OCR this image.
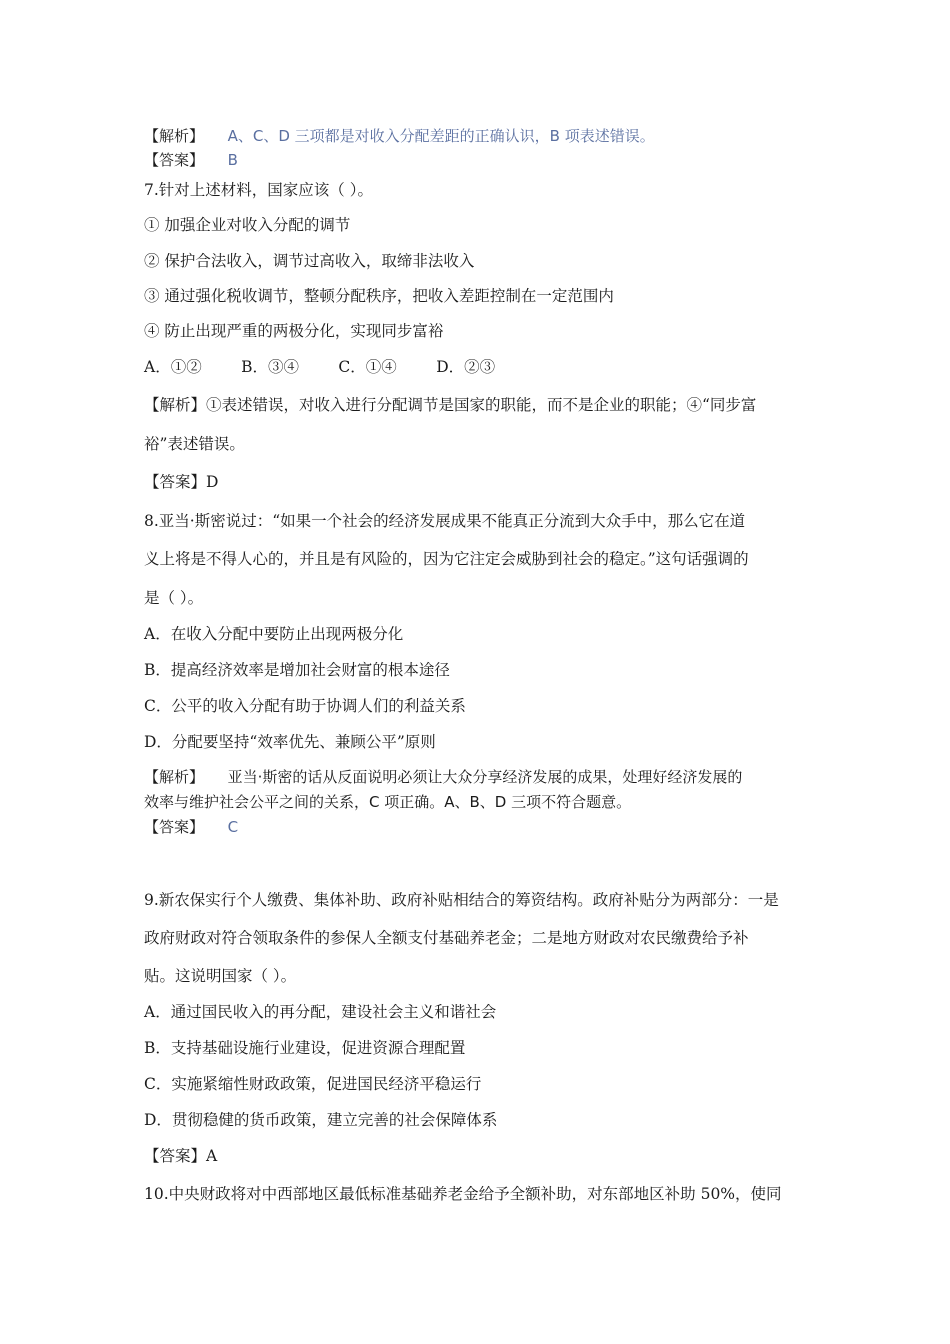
【解析】 A、C、D 三项都是对收入分配差距的正确认识，B 项表述错误。
【答案】 B
7.针对上述材料，国家应该（ ）。
① 加强企业对收入分配的调节
② 保护合法收入，调节过高收入，取缔非法收入
③ 通过强化税收调节，整顿分配秩序，把收入差距控制在一定范围内
④ 防止出现严重的两极分化，实现同步富裕
A．①②        B．③④        C．①④        D．②③
【解析】①表述错误，对收入进行分配调节是国家的职能，而不是企业的职能；④“同步富
裕”表述错误。
【答案】D
8.亚当·斯密说过：“如果一个社会的经济发展成果不能真正分流到大众手中，那么它在道
义上将是不得人心的，并且是有风险的，因为它注定会威胁到社会的稳定。”这句话强调的
是（ ）。
A．在收入分配中要防止出现两极分化
B．提高经济效率是增加社会财富的根本途径
C．公平的收入分配有助于协调人们的利益关系
D．分配要坚持“效率优先、兼顾公平”原则
【解析】 亚当·斯密的话从反面说明必须让大众分享经济发展的成果，处理好经济发展的
效率与维护社会公平之间的关系，C 项正确。A、B、D 三项不符合题意。
【答案】 C
9.新农保实行个人缴费、集体补助、政府补贴相结合的筹资结构。政府补贴分为两部分：一是
政府财政对符合领取条件的参保人全额支付基础养老金；二是地方财政对农民缴费给予补
贴。这说明国家（ ）。
A．通过国民收入的再分配，建设社会主义和谐社会
B．支持基础设施行业建设，促进资源合理配置
C．实施紧缩性财政政策，促进国民经济平稳运行
D．贯彻稳健的货币政策，建立完善的社会保障体系
【答案】A
10.中央财政将对中西部地区最低标准基础养老金给予全额补助，对东部地区补助 50%，使同
